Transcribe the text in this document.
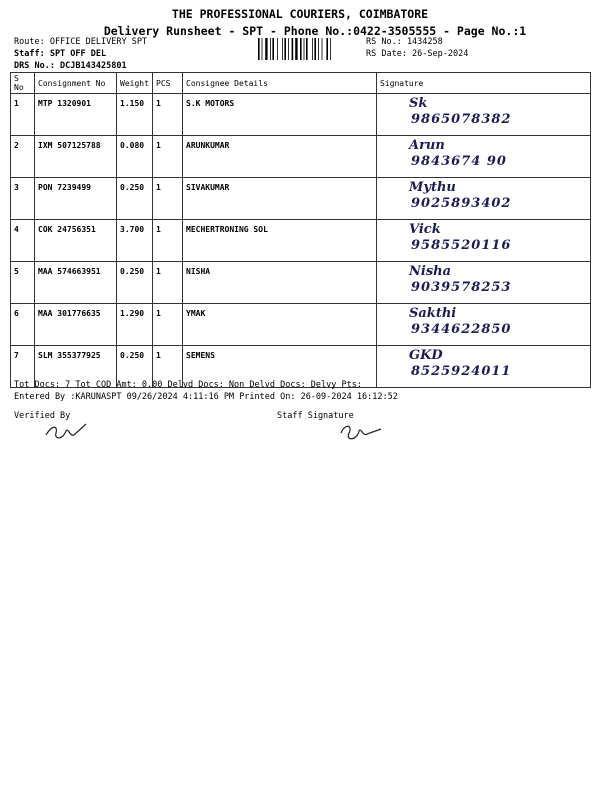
THE PROFESSIONAL COURIERS, COIMBATORE
Delivery Runsheet - SPT - Phone No.:0422-3505555 - Page No.:1
Route: OFFICE DELIVERY SPT
Staff: SPT OFF DEL
DRS No.: DCJB143425801
RS No.: 1434258
RS Date: 26-Sep-2024
S No	Consignment No	Weight	PCS	Consignee Details	Signature
1	MTP 1320901	1.150	1	S.K MOTORS	Sk
9865078382

2	IXM 507125788	0.080	1	ARUNKUMAR	Arun
9843674 90

3	PON 7239499	0.250	1	SIVAKUMAR	Mythu
9025893402

4	COK 24756351	3.700	1	MECHERTRONING SOL	Vick
9585520116

5	MAA 574663951	0.250	1	NISHA	Nisha
9039578253

6	MAA 301776635	1.290	1	YMAK	Sakthi
9344622850

7	SLM 355377925	0.250	1	SEMENS	GKD
8525924011
Tot Docs: 7 Tot COD Amt: 0.00 Delvd Docs: Non Delvd Docs: Delvy Pts:
Entered By :KARUNASPT 09/26/2024 4:11:16 PM Printed On: 26-09-2024 16:12:52
Verified By	Staff Signature
